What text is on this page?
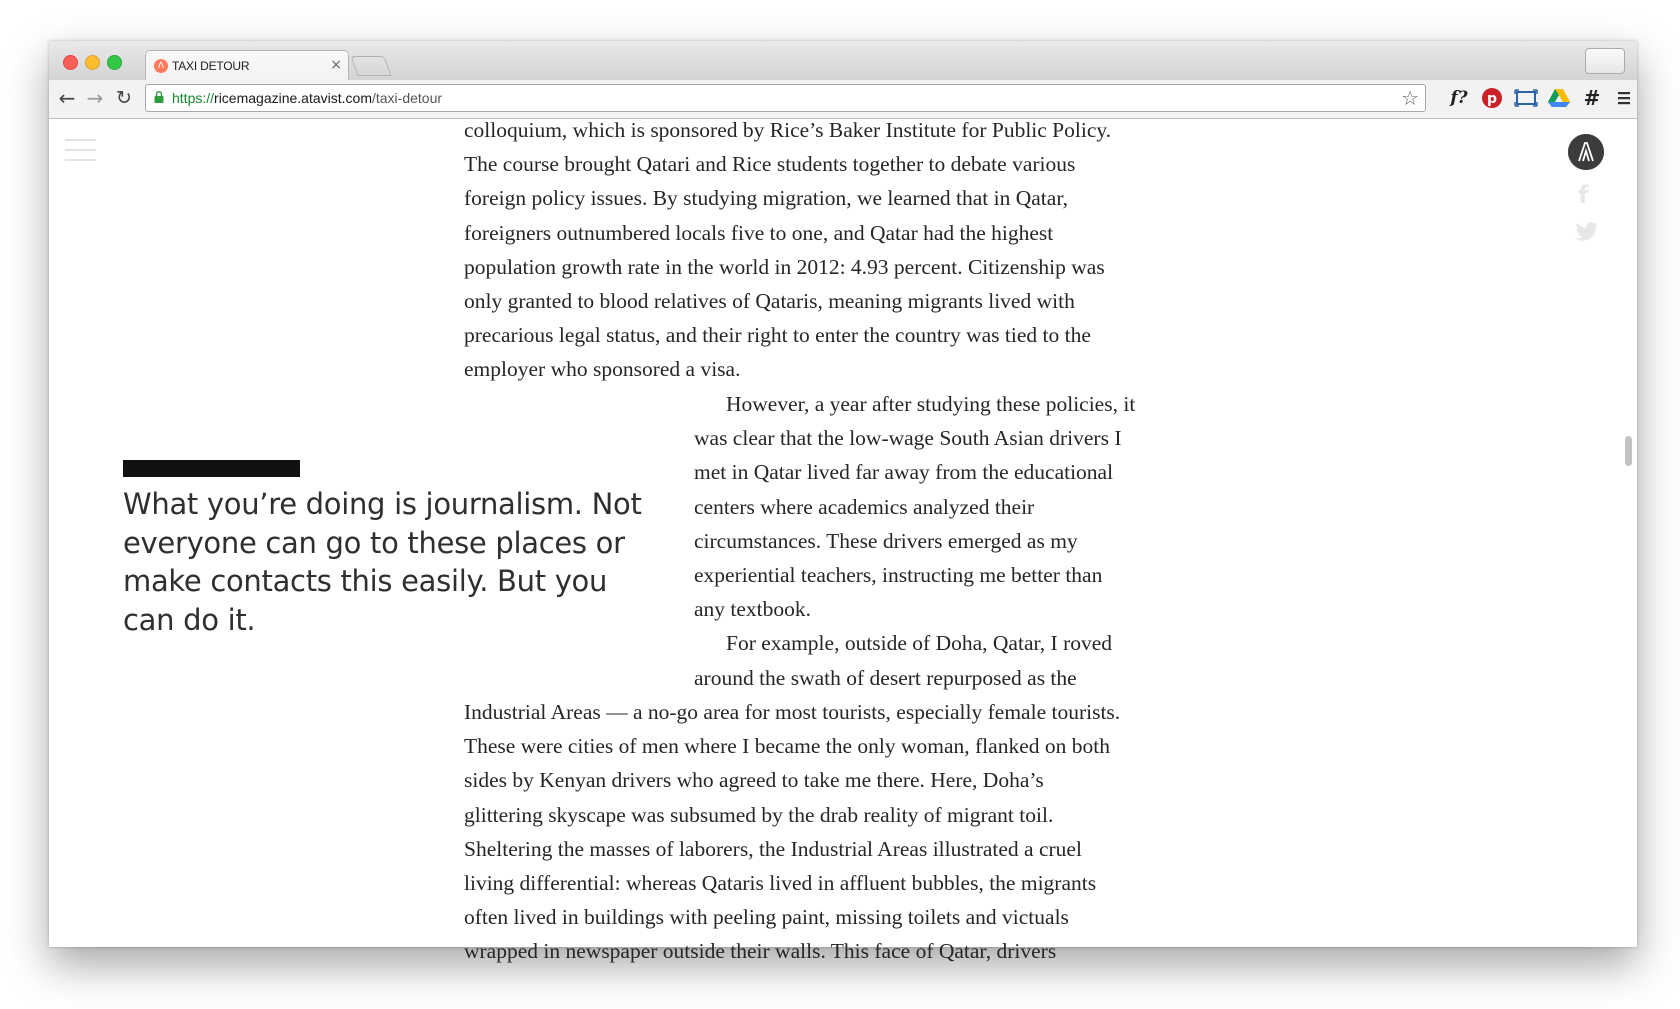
Λ TAXI DETOUR	×
← → ↻	https://ricemagazine.atavist.com/taxi-detour	☆ f? p	#
colloquium, which is sponsored by Rice’s Baker Institute for Public Policy.
The course brought Qatari and Rice students together to debate various
foreign policy issues. By studying migration, we learned that in Qatar,
foreigners outnumbered locals five to one, and Qatar had the highest
population growth rate in the world in 2012: 4.93 percent. Citizenship was
only granted to blood relatives of Qataris, meaning migrants lived with
precarious legal status, and their right to enter the country was tied to the
employer who sponsored a visa.
What you’re doing is journalism. Not everyone can go to these places or make contacts this easily. But you can do it.
However, a year after studying these policies, it
was clear that the low-wage South Asian drivers I
met in Qatar lived far away from the educational
centers where academics analyzed their
circumstances. These drivers emerged as my
experiential teachers, instructing me better than
any textbook.
For example, outside of Doha, Qatar, I roved
around the swath of desert repurposed as the
Industrial Areas — a no-go area for most tourists, especially female tourists.
These were cities of men where I became the only woman, flanked on both
sides by Kenyan drivers who agreed to take me there. Here, Doha’s
glittering skyscape was subsumed by the drab reality of migrant toil.
Sheltering the masses of laborers, the Industrial Areas illustrated a cruel
living differential: whereas Qataris lived in affluent bubbles, the migrants
often lived in buildings with peeling paint, missing toilets and victuals
wrapped in newspaper outside their walls. This face of Qatar, drivers
f
